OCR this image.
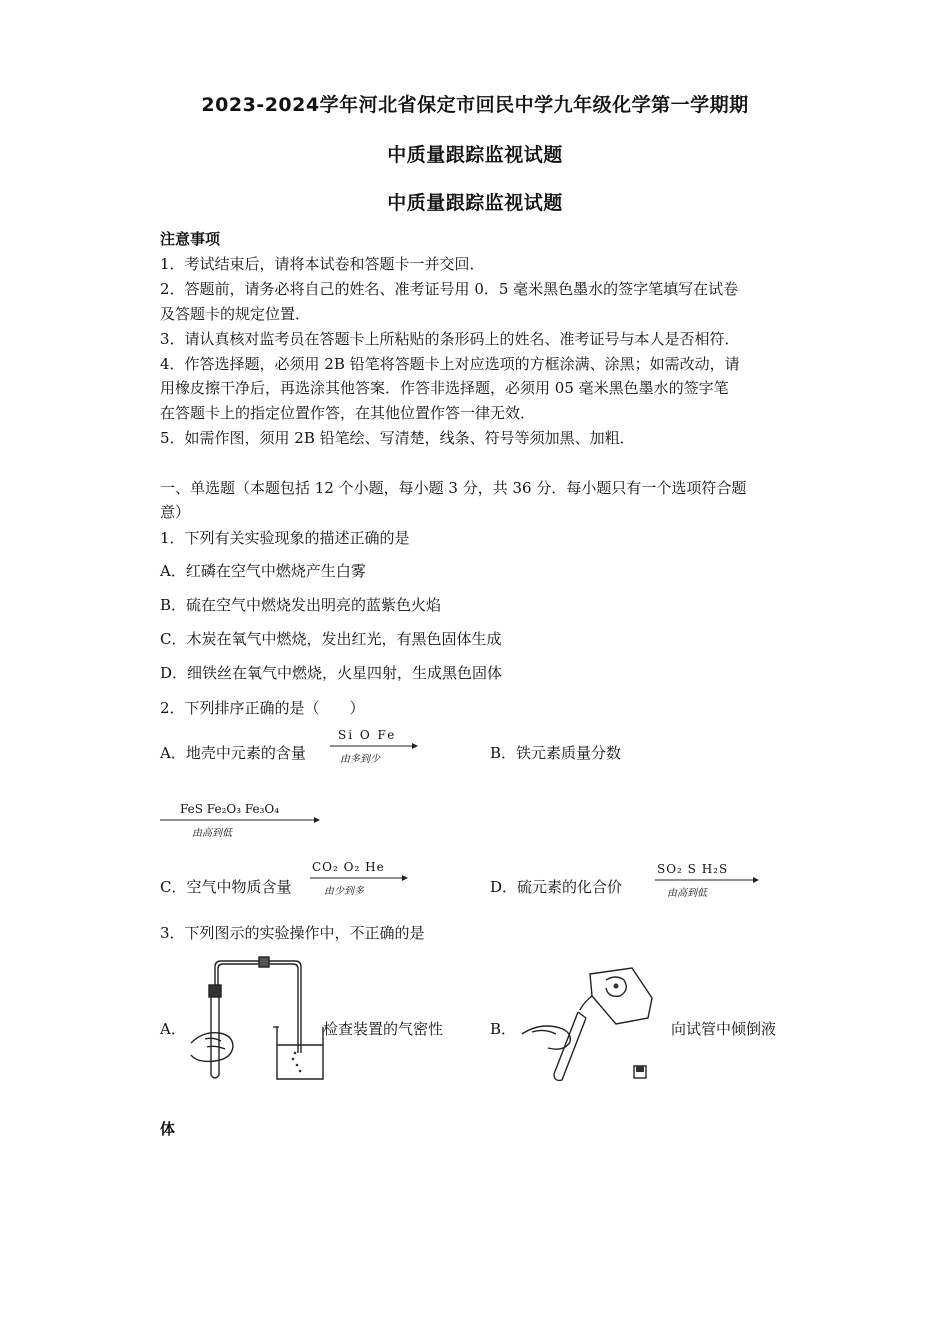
2023-2024学年河北省保定市回民中学九年级化学第一学期期
中质量跟踪监视试题
中质量跟踪监视试题
注意事项
1．考试结束后，请将本试卷和答题卡一并交回．
2．答题前，请务必将自己的姓名、准考证号用 0．5 毫米黑色墨水的签字笔填写在试卷
及答题卡的规定位置．
3．请认真核对监考员在答题卡上所粘贴的条形码上的姓名、准考证号与本人是否相符．
4．作答选择题，必须用 2B 铅笔将答题卡上对应选项的方框涂满、涂黑；如需改动，请
用橡皮擦干净后，再选涂其他答案．作答非选择题，必须用 05 毫米黑色墨水的签字笔
在答题卡上的指定位置作答，在其他位置作答一律无效．
5．如需作图，须用 2B 铅笔绘、写清楚，线条、符号等须加黑、加粗．
一、单选题（本题包括 12 个小题，每小题 3 分，共 36 分．每小题只有一个选项符合题
意）
1．下列有关实验现象的描述正确的是
A．红磷在空气中燃烧产生白雾
B．硫在空气中燃烧发出明亮的蓝紫色火焰
C．木炭在氧气中燃烧，发出红光，有黑色固体生成
D．细铁丝在氧气中燃烧，火星四射，生成黑色固体
2．下列排序正确的是（　　）
A．地壳中元素的含量
Si O Fe
由多到少	B．铁元素质量分数
FeS Fe₂O₃ Fe₃O₄
由高到低
C．空气中物质含量
CO₂ O₂ He
由少到多	D．硫元素的化合价
SO₂ S H₂S
由高到低
3．下列图示的实验操作中，不正确的是
A．	检查装置的气密性	B．	向试管中倾倒液
体
